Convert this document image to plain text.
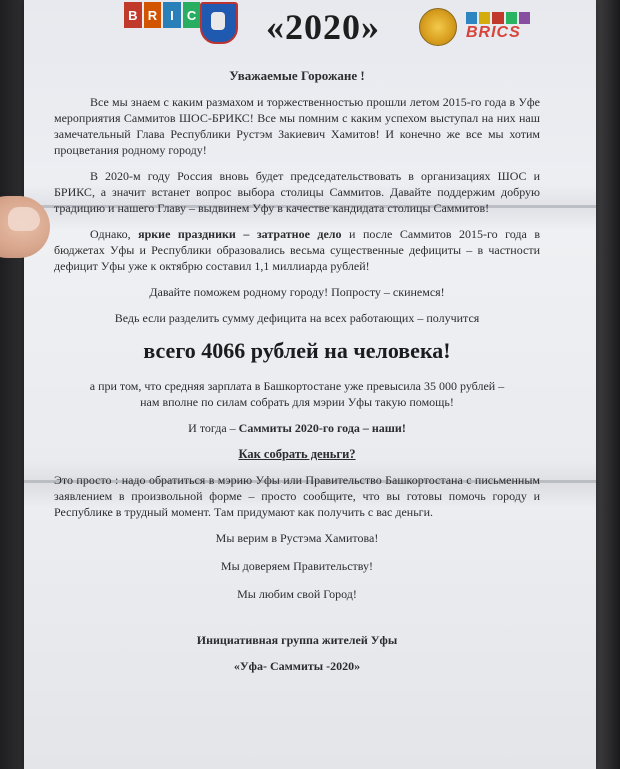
B R	I	C «2020»	BRICS
Уважаемые Горожане !

Все мы знаем с каким размахом и торжественностью прошли летом 2015-го года в Уфе мероприятия Саммитов ШОС-БРИКС! Все мы помним с каким успехом выступал на них наш замечательный Глава Республики Рустэм Закиевич Хамитов! И конечно же все мы хотим процветания родному городу!

В 2020-м году Россия вновь будет председательствовать в организациях ШОС и БРИКС, а значит встанет вопрос выбора столицы Саммитов. Давайте поддержим добрую традицию и нашего Главу – выдвинем Уфу в качестве кандидата столицы Саммитов!

Однако, яркие праздники – затратное дело и после Саммитов 2015-го года в бюджетах Уфы и Республики образовались весьма существенные дефициты – в частности дефицит Уфы уже к октябрю составил 1,1 миллиарда рублей!

Давайте поможем родному городу! Попросту – скинемся!

Ведь если разделить сумму дефицита на всех работающих – получится

всего 4066 рублей на человека!

а при том, что средняя зарплата в Башкортостане уже превысила 35 000 рублей – нам вполне по силам собрать для мэрии Уфы такую помощь!

И тогда – Саммиты 2020-го года – наши!

Как собрать деньги?

Это просто : надо обратиться в мэрию Уфы или Правительство Башкортостана с письменным заявлением в произвольной форме – просто сообщите, что вы готовы помочь городу и Республике в трудный момент. Там придумают как получить с вас деньги.

Мы верим в Рустэма Хамитова!

Мы доверяем Правительству!

Мы любим свой Город!

Инициативная группа жителей Уфы
«Уфа- Саммиты -2020»
